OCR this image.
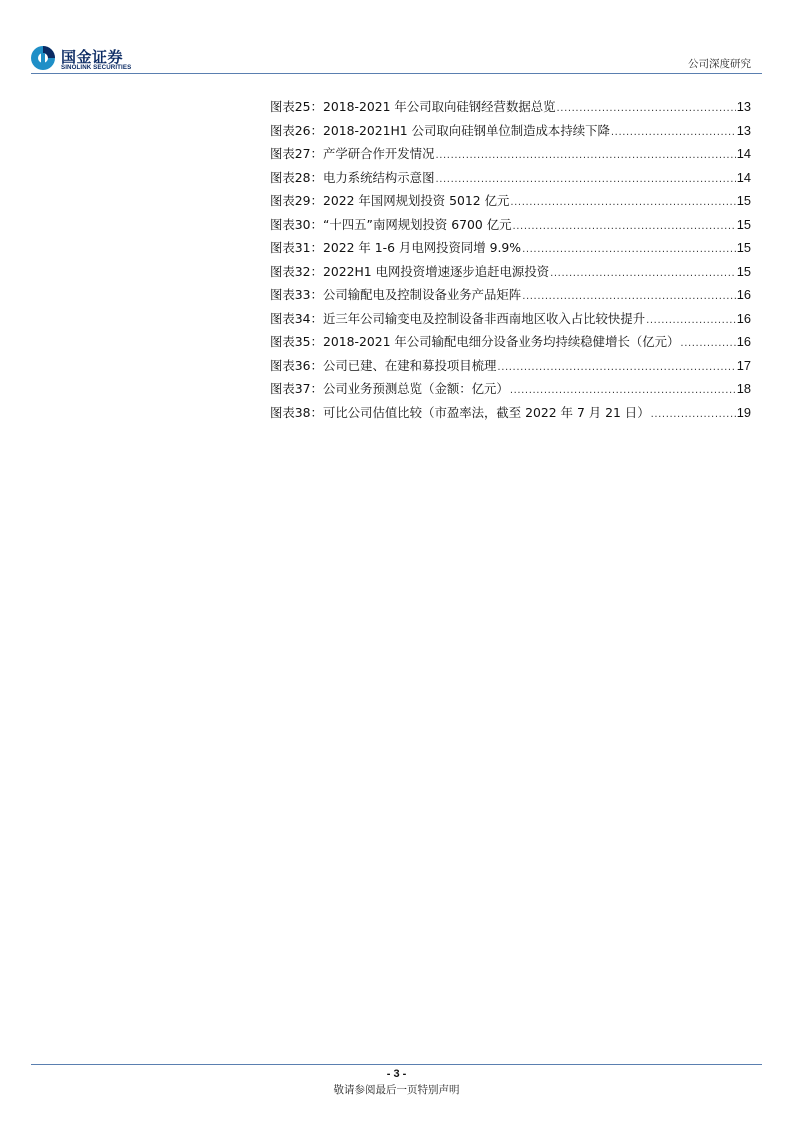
国金证券
SINOLINK SECURITIES	公司深度研究
图表25：2018-2021 年公司取向硅钢经营数据总览 .....	13
图表26：2018-2021H1 公司取向硅钢单位制造成本持续下降 .....	13
图表27：产学研合作开发情况 .....	14
图表28：电力系统结构示意图 .....	14
图表29：2022 年国网规划投资 5012 亿元 .....	15
图表30：“十四五”南网规划投资 6700 亿元 .....	15
图表31：2022 年 1-6 月电网投资同增 9.9% .....	15
图表32：2022H1 电网投资增速逐步追赶电源投资 .....	15
图表33：公司输配电及控制设备业务产品矩阵 .....	16
图表34：近三年公司输变电及控制设备非西南地区收入占比较快提升 .....	16
图表35：2018-2021 年公司输配电细分设备业务均持续稳健增长（亿元） .....	16
图表36：公司已建、在建和募投项目梳理 .....	17
图表37：公司业务预测总览（金额：亿元） .....	18
图表38：可比公司估值比较（市盈率法，截至 2022 年 7 月 21 日） .....	19
- 3 -
敬请参阅最后一页特别声明
